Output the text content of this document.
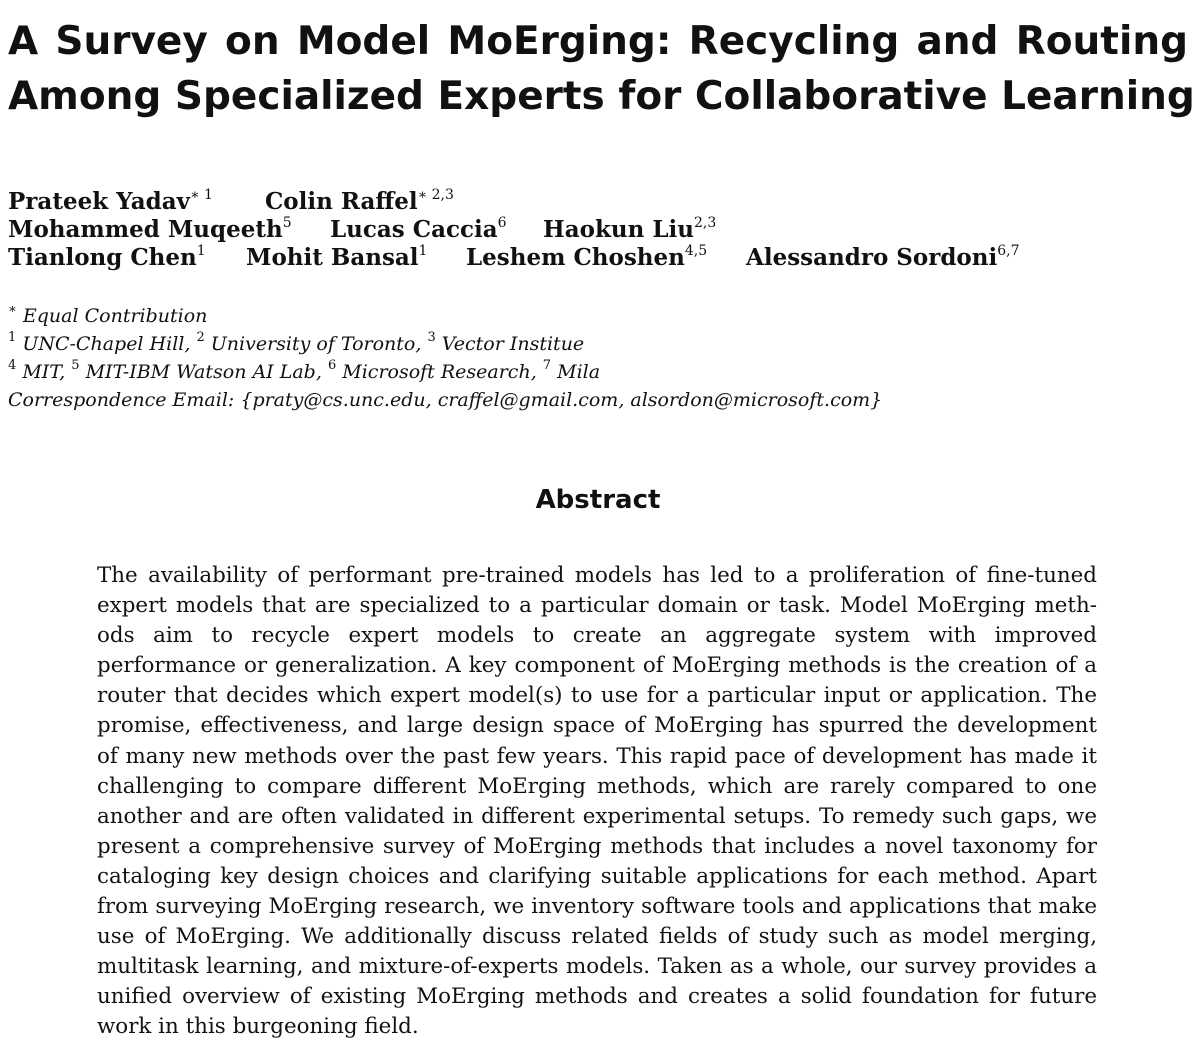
A Survey on Model MoErging: Recycling and Routing
Among Specialized Experts for Collaborative Learning
Prateek Yadav$^{∗ 1}$ Colin Raffel$^{∗ 2,3}$
Mohammed Muqeeth$^5$ Lucas Caccia$^6$ Haokun Liu$^{2,3}$
Tianlong Chen$^1$ Mohit Bansal$^1$ Leshem Choshen$^{4,5}$ Alessandro Sordoni$^{6,7}$
∗ Equal Contribution
$^1$ UNC-Chapel Hill, $^2$ University of Toronto, $^3$ Vector Institue
$^4$ MIT, $^5$ MIT-IBM Watson AI Lab, $^6$ Microsoft Research, $^7$ Mila
Correspondence Email: {praty@cs.unc.edu, craffel@gmail.com, alsordon@microsoft.com}
Abstract

The availability of performant pre-trained models has led to a proliferation of fine-tuned expert models that are specialized to a particular domain or task. Model MoErging methods aim to recycle expert models to create an aggregate system with improved performance or generalization. A key component of MoErging methods is the creation of a router that decides which expert model(s) to use for a particular input or application. The promise, effectiveness, and large design space of MoErging has spurred the development of many new methods over the past few years. This rapid pace of development has made it challenging to compare different MoErging methods, which are rarely compared to one another and are often validated in different experimental setups. To remedy such gaps, we present a comprehensive survey of MoErging methods that includes a novel taxonomy for cataloging key design choices and clarifying suitable applications for each method. Apart from surveying MoErging research, we inventory software tools and applications that make use of MoErging. We additionally discuss related fields of study such as model merging, multitask learning, and mixture-of-experts models. Taken as a whole, our survey provides a unified overview of existing MoErging methods and creates a solid foundation for future work in this burgeoning field.
